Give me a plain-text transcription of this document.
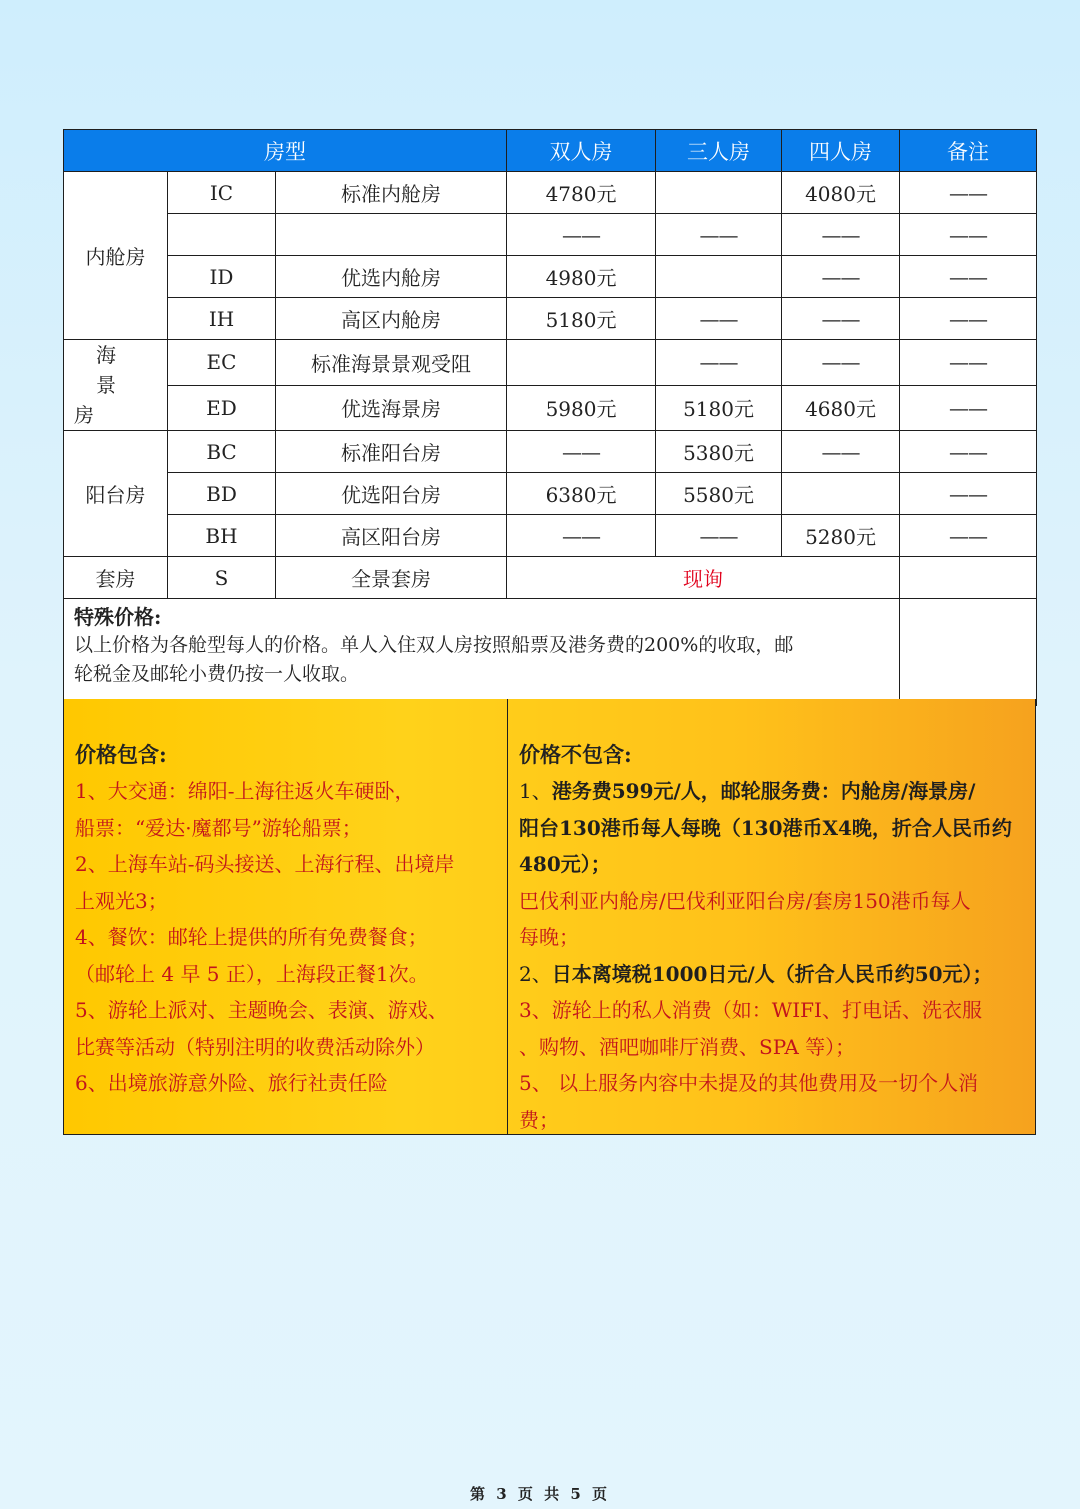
房型			双人房	三人房	四人房	备注
内舱房	IC	标准内舱房	4780元		4080元	——
			——	——	——	——
	ID	优选内舱房	4980元		——	——
	IH	高区内舱房	5180元	——	——	——

海 景
房	EC	标准海景景观受阻		——	——	——
	ED	优选海景房	5980元	5180元	4680元	——
阳台房	BC	标准阳台房	——	5380元	——	——
	BD	优选阳台房	6380元	5580元		——
	BH	高区阳台房	——	——	5280元	——
套房	S	全景套房	现询			

特殊价格:
以上价格为各舱型每人的价格。单人入住双人房按照船票及港务费的200%的收取，邮
轮税金及邮轮小费仍按一人收取。						

价格包含:
1、大交通：绵阳-上海往返火车硬卧，
船票：“爱达·魔都号”游轮船票；
2、上海车站-码头接送、上海行程、出境岸
上观光3；
4、餐饮：邮轮上提供的所有免费餐食；
（邮轮上 4 早 5 正），上海段正餐1次。
5、游轮上派对、主题晚会、表演、游戏、
比赛等活动（特别注明的收费活动除外）
6、出境旅游意外险、旅行社责任险
价格不包含:
1、港务费599元/人，邮轮服务费：内舱房/海景房/
阳台130港币每人每晚（130港币X4晚，折合人民币约
480元）；
巴伐利亚内舱房/巴伐利亚阳台房/套房150港币每人
每晚；
2、日本离境税1000日元/人（折合人民币约50元）；
3、游轮上的私人消费（如：WIFI、打电话、洗衣服
、购物、酒吧咖啡厅消费、SPA 等）；
5、 以上服务内容中未提及的其他费用及一切个人消
费；
第 3 页 共 5 页
